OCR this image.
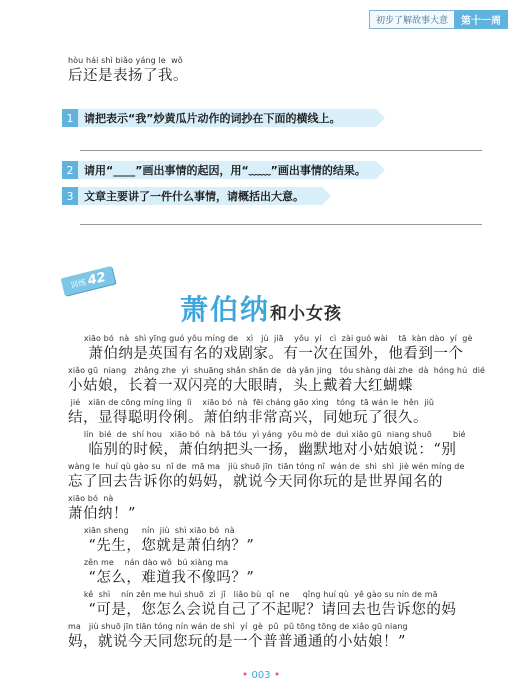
初步了解故事大意	第十一周
hòu hái shì biǎo yáng le  wǒ
后还是表扬了我。
1 请把表示“我”炒黄瓜片动作的词抄在下面的横线上。
2 请用“____”画出事情的起因，用“﹏﹏”画出事情的结果。
3 文章主要讲了一件什么事情，请概括出大意。
训练 42
萧伯纳和小女孩
xiāo bó  nà  shì yīng guó yǒu míng de   xì   jù  jiā    yǒu  yí   cì  zài guó wài    tā  kàn dào  yí  gè
萧伯纳是英国有名的戏剧家。有一次在国外，他看到一个
xiǎo gū  niang   zhǎng zhe  yì  shuāng shǎn shǎn de  dà yǎn jing   tóu shàng dài zhe  dà  hóng hú  dié
小姑娘，长着一双闪亮的大眼睛，头上戴着大红蝴蝶
jié   xiān de cōng míng líng  lì    xiāo bó  nà  fēi cháng gāo xìng   tóng  tā wán le  hěn  jiǔ
结，显得聪明伶俐。萧伯纳非常高兴，同她玩了很久。
lín  bié  de  shí hou   xiāo bó  nà  bǎ tóu  yì yáng  yōu mò de  duì xiǎo gū  niang shuō        bié
临别的时候，萧伯纳把头一扬，幽默地对小姑娘说：“别
wàng le  huí qù gào su  nǐ de  mā ma   jiù shuō jīn  tiān tóng nǐ  wán de  shì  shì  jiè wén míng de
忘了回去告诉你的妈妈，就说今天同你玩的是世界闻名的
xiāo bó  nà
萧伯纳！”
xiān sheng     nín  jiù  shì xiāo bó  nà
“先生，您就是萧伯纳？”
zěn me    nán dào wǒ  bú xiàng ma
“怎么，难道我不像吗？”
kě  shì    nín zěn me huì shuō  zì  jǐ   liǎo bù  qǐ  ne     qǐng huí qù  yě gào su nín de mā
“可是，您怎么会说自己了不起呢？请回去也告诉您的妈
ma   jiù shuō jīn tiān tóng nín wán de shì  yí  gè  pǔ  pǔ tōng tōng de xiǎo gū niang
妈，就说今天同您玩的是一个普普通通的小姑娘！”
• 003 •
